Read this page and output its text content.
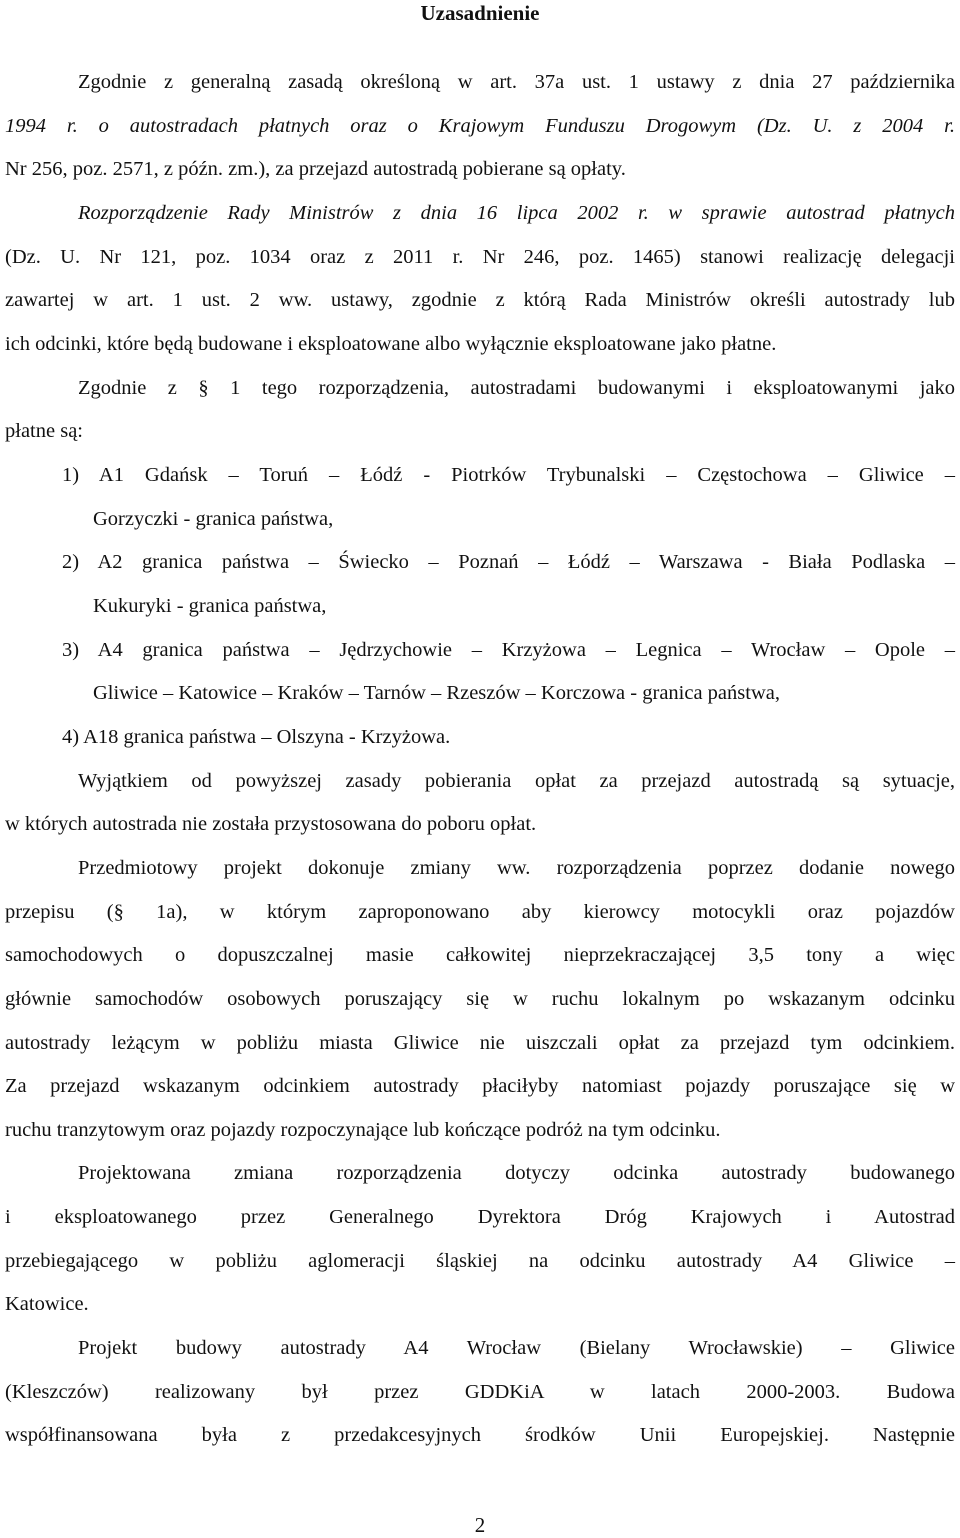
Uzasadnienie
Zgodnie z generalną zasadą określoną w art. 37a ust. 1 ustawy z dnia 27 października
1994 r. o autostradach płatnych oraz o Krajowym Funduszu Drogowym (Dz. U. z 2004 r.
Nr 256, poz. 2571, z późn. zm.), za przejazd autostradą pobierane są opłaty.
Rozporządzenie Rady Ministrów z dnia 16 lipca 2002 r. w sprawie autostrad płatnych
(Dz. U. Nr 121, poz. 1034 oraz z 2011 r. Nr 246, poz. 1465) stanowi realizację delegacji
zawartej w art. 1 ust. 2 ww. ustawy, zgodnie z którą Rada Ministrów określi autostrady lub
ich odcinki, które będą budowane i eksploatowane albo wyłącznie eksploatowane jako płatne.
Zgodnie z § 1 tego rozporządzenia, autostradami budowanymi i eksploatowanymi jako
płatne są:
1) A1 Gdańsk – Toruń – Łódź - Piotrków Trybunalski – Częstochowa – Gliwice –
Gorzyczki - granica państwa,
2) A2 granica państwa – Świecko – Poznań – Łódź – Warszawa - Biała Podlaska –
Kukuryki - granica państwa,
3) A4 granica państwa – Jędrzychowie – Krzyżowa – Legnica – Wrocław – Opole –
Gliwice – Katowice – Kraków – Tarnów – Rzeszów – Korczowa - granica państwa,
4) A18 granica państwa – Olszyna - Krzyżowa.
Wyjątkiem od powyższej zasady pobierania opłat za przejazd autostradą są sytuacje,
w których autostrada nie została przystosowana do poboru opłat.
Przedmiotowy projekt dokonuje zmiany ww. rozporządzenia poprzez dodanie nowego
przepisu (§ 1a), w którym zaproponowano aby kierowcy motocykli oraz pojazdów
samochodowych o dopuszczalnej masie całkowitej nieprzekraczającej 3,5 tony a więc
głównie samochodów osobowych poruszający się w ruchu lokalnym po wskazanym odcinku
autostrady leżącym w pobliżu miasta Gliwice nie uiszczali opłat za przejazd tym odcinkiem.
Za przejazd wskazanym odcinkiem autostrady płaciłyby natomiast pojazdy poruszające się w
ruchu tranzytowym oraz pojazdy rozpoczynające lub kończące podróż na tym odcinku.
Projektowana zmiana rozporządzenia dotyczy odcinka autostrady budowanego
i eksploatowanego przez Generalnego Dyrektora Dróg Krajowych i Autostrad
przebiegającego w pobliżu aglomeracji śląskiej na odcinku autostrady A4 Gliwice –
Katowice.
Projekt budowy autostrady A4 Wrocław (Bielany Wrocławskie) – Gliwice
(Kleszczów) realizowany był przez GDDKiA w latach 2000-2003. Budowa
współfinansowana była z przedakcesyjnych środków Unii Europejskiej. Następnie
2
